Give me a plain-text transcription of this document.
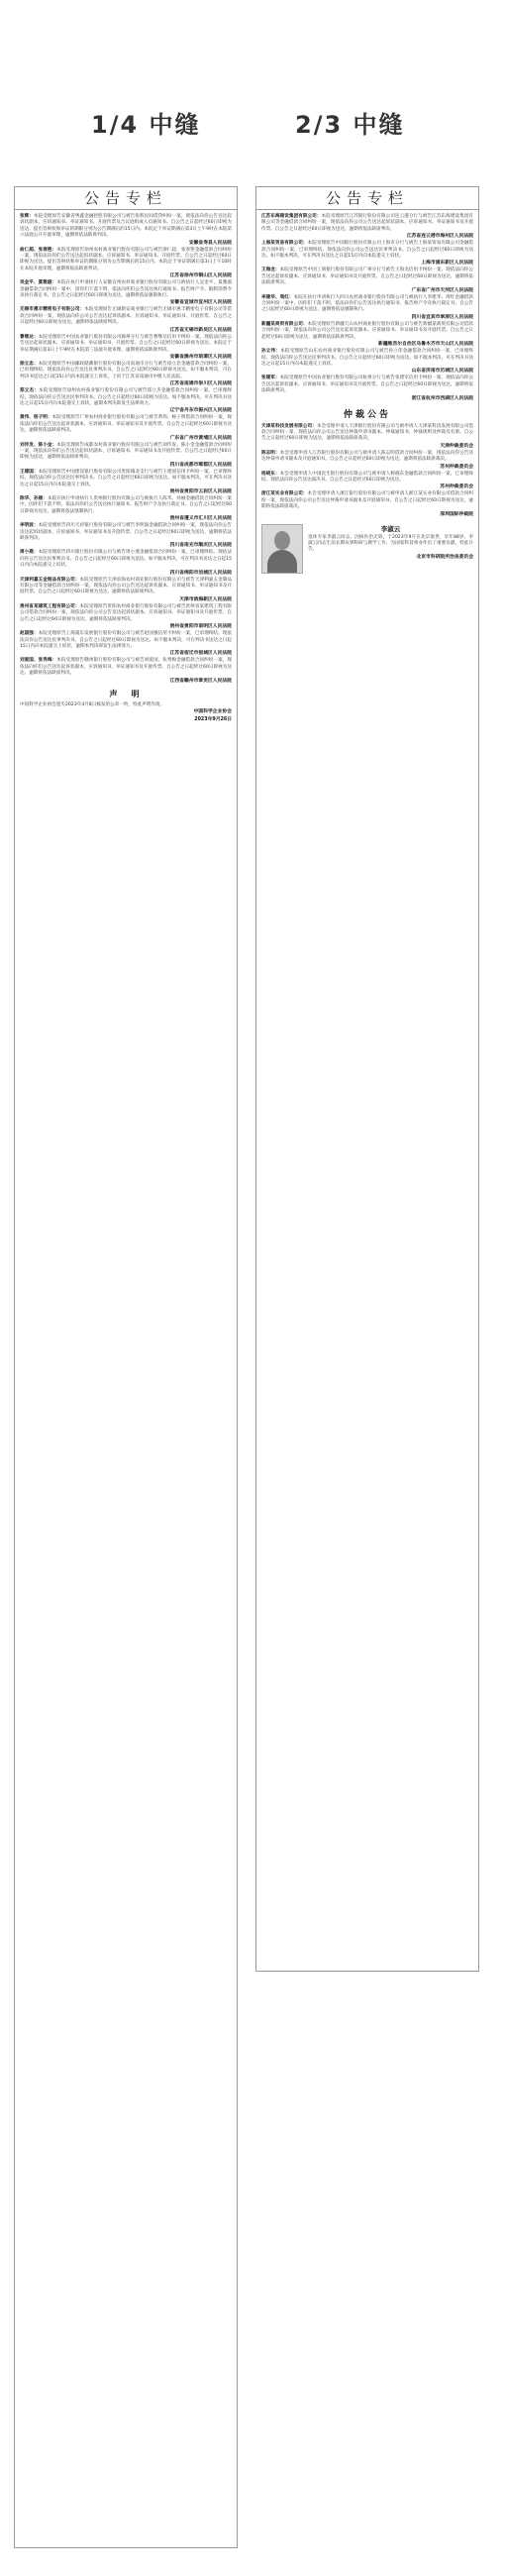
1/4 中缝	2/3 中缝
公告专栏

张辉：本院受理原告安徽省粤鑫金融控股有限公司与被告张辉民间借贷纠纷一案，现依法向你公告送达起诉状副本、应诉通知书、举证通知书、开庭传票及合议庭组成人员通知书。自公告之日起经过60日即视为送达。提出答辩状和举证的期限分别为公告期满后的15日内。本院定于举证期满后第3日上午9时在本院第六法庭公开开庭审理，逾期将依法缺席判决。

安徽省寿县人民法院

俞仁超、张春艳：本院受理原告徐州农村商业银行股份有限公司与被告俞仁超、张春艳金融借款合同纠纷一案，现依法向你们公告送达起诉状副本、应诉通知书、举证通知书、开庭传票。自公告之日起经过60日即视为送达。提出答辩状和举证的期限分别为公告期满后的15日内。本院定于举证期满后第3日上午10时在本院开庭审理，逾期将依法缺席判决。

江苏省徐州市铜山区人民法院

吴金平、夏雅淑：本院在执行申请执行人安徽宣州农村商业银行股份有限公司与被执行人吴金平、夏雅淑金融借款合同纠纷一案中，因你们下落不明，依法向你们公告送达执行通知书、报告财产令、限制消费令及执行裁定书。自公告之日起经过60日即视为送达，逾期将依法强制执行。

安徽省宣城市宣州区人民法院

无锡市惠丰精密电子有限公司：本院受理原告无锡新安商业银行与被告无锡市惠丰精密电子有限公司等借款合同纠纷一案，现依法向你公司公告送达起诉状副本、应诉通知书、举证通知书、开庭传票。自公告之日起经过60日即视为送达，逾期将依法缺席判决。

江苏省无锡市新吴区人民法院

曹继达：本院受理原告中国农业银行股份有限公司滁州分行与被告曹继达信用卡纠纷一案，现依法向你公告送达起诉状副本、应诉通知书、举证通知书、开庭传票。自公告之日起经过60日即视为送达。本院定于举证期满后第3日上午9时在本院第三法庭开庭审理，逾期将依法缺席判决。

安徽省滁州市琅琊区人民法院

徐立忠：本院受理原告中国邮政储蓄银行股份有限公司南通市分行与被告徐立忠金融借款合同纠纷一案，已审理终结。现依法向你公告送达民事判决书。自公告之日起经过60日即视为送达。如不服本判决，可在判决书送达之日起15日内向本院递交上诉状，上诉于江苏省南通市中级人民法院。

江苏省南通市崇川区人民法院

郑立杰：本院受理原告徐州农村商业银行股份有限公司与被告郑立杰金融借款合同纠纷一案，已审理终结。现依法向你公告送达民事判决书。自公告之日起经过60日即视为送达。如不服本判决，可在判决书送达之日起15日内向本院递交上诉状，逾期本判决即发生法律效力。

辽宁省丹东市振兴区人民法院

黄伟、杨子明：本院受理原告广州农村商业银行股份有限公司与被告黄伟、杨子明借款合同纠纷一案，现依法向你们公告送达起诉状副本、应诉通知书、举证通知书及开庭传票。自公告之日起经过60日即视为送达，逾期将依法缺席判决。

广东省广州市黄埔区人民法院

刘传发、陈小金：本院受理原告成都农村商业银行股份有限公司与被告刘传发、陈小金金融借款合同纠纷一案，现依法向你们公告送达起诉状副本、应诉通知书、举证通知书及开庭传票。自公告之日起经过60日即视为送达，逾期将依法缺席判决。

四川省成都市郫都区人民法院

王建国：本院受理原告中国建设银行股份有限公司贵阳城北支行与被告王建国信用卡纠纷一案，已审理终结。现依法向你公告送达民事判决书。自公告之日起经过60日即视为送达。如不服本判决，可在判决书送达之日起15日内向本院递交上诉状。

贵州省贵阳市云岩区人民法院

陈华、孙丽：本院在执行申请执行人贵州银行股份有限公司与被执行人陈华、孙丽金融借款合同纠纷一案中，因你们下落不明，依法向你们公告送达执行通知书、报告财产令及执行裁定书。自公告之日起经过60日即视为送达，逾期将依法强制执行。

贵州省遵义市汇川区人民法院

李明波：本院受理原告四川天府银行股份有限公司与被告李明波金融借款合同纠纷一案，现依法向你公告送达起诉状副本、应诉通知书、举证通知书及开庭传票。自公告之日起经过60日即视为送达，逾期将依法缺席判决。

四川省南充市顺庆区人民法院

周小燕：本院受理原告四川银行股份有限公司与被告周小燕金融借款合同纠纷一案，已审理终结。现依法向你公告送达民事判决书。自公告之日起经过60日即视为送达。如不服本判决，可在判决书送达之日起15日内向本院递交上诉状。

四川省绵阳市涪城区人民法院

天津利嘉五金制品有限公司：本院受理原告天津滨海农村商业银行股份有限公司与被告天津利嘉五金制品有限公司等金融借款合同纠纷一案，现依法向你公司公告送达起诉状副本、应诉通知书、举证通知书及开庭传票。自公告之日起经过60日即视为送达，逾期将依法缺席判决。

天津市滨海新区人民法院

贵州省某建筑工程有限公司：本院受理原告贵阳农村商业银行股份有限公司与被告贵州省某建筑工程有限公司借款合同纠纷一案，现依法向你公司公告送达起诉状副本、应诉通知书、举证通知书及开庭传票。自公告之日起经过60日即视为送达，逾期将依法缺席判决。

贵州省贵阳市南明区人民法院

赵国强：本院受理原告上海浦东发展银行股份有限公司与被告赵国强信用卡纠纷一案，已审理终结。现依法向你公告送达民事判决书。自公告之日起经过60日即视为送达。如不服本判决，可在判决书送达之日起15日内向本院递交上诉状，逾期本判决即发生法律效力。

江苏省宿迁市宿城区人民法院

刘爱国、张秀梅：本院受理原告赣州银行股份有限公司与被告刘爱国、张秀梅金融借款合同纠纷一案，现依法向你们公告送达起诉状副本、应诉通知书、举证通知书及开庭传票。自公告之日起经过60日即视为送达，逾期将依法缺席判决。

江西省赣州市章贡区人民法院

声　明

中国科学企业协会遗失2023年4月8日核发的公章一枚，特此声明作废。

中国科学企业协会

2023年9月26日

公告专栏

江苏东海建设集团有限公司：本院受理原告江苏银行股份有限公司连云港分行与被告江苏东海建设集团有限公司等金融借款合同纠纷一案，现依法向你公司公告送达起诉状副本、应诉通知书、举证通知书及开庭传票。自公告之日起经过60日即视为送达，逾期将依法缺席判决。

江苏省连云港市海州区人民法院

上海某贸易有限公司：本院受理原告中国银行股份有限公司上海市分行与被告上海某贸易有限公司金融借款合同纠纷一案，已审理终结。现依法向你公司公告送达民事判决书。自公告之日起经过60日即视为送达。如不服本判决，可在判决书送达之日起15日内向本院递交上诉状。

上海市浦东新区人民法院

王海龙：本院受理原告中国工商银行股份有限公司广州分行与被告王海龙信用卡纠纷一案，现依法向你公告送达起诉状副本、应诉通知书、举证通知书及开庭传票。自公告之日起经过60日即视为送达，逾期将依法缺席判决。

广东省广州市天河区人民法院

李建华、周红：本院在执行申请执行人四川农村商业银行股份有限公司与被执行人李建华、周红金融借款合同纠纷一案中，因你们下落不明，依法向你们公告送达执行通知书、报告财产令及执行裁定书。自公告之日起经过60日即视为送达，逾期将依法强制执行。

四川省宜宾市翠屏区人民法院

新疆某商贸有限公司：本院受理原告新疆天山农村商业银行股份有限公司与被告新疆某商贸有限公司借款合同纠纷一案，现依法向你公司公告送达起诉状副本、应诉通知书、举证通知书及开庭传票。自公告之日起经过60日即视为送达，逾期将依法缺席判决。

新疆维吾尔自治区乌鲁木齐市天山区人民法院

孙立伟：本院受理原告山东农村商业银行股份有限公司与被告孙立伟金融借款合同纠纷一案，已审理终结。现依法向你公告送达民事判决书。自公告之日起经过60日即视为送达。如不服本判决，可在判决书送达之日起15日内向本院递交上诉状。

山东省济南市历城区人民法院

张建军：本院受理原告中国农业银行股份有限公司杭州分行与被告张建军信用卡纠纷一案，现依法向你公告送达起诉状副本、应诉通知书、举证通知书及开庭传票。自公告之日起经过60日即视为送达，逾期将依法缺席判决。

浙江省杭州市西湖区人民法院

仲裁公告

天津某科技发展有限公司：本会受理申请人天津银行股份有限公司与被申请人天津某科技发展有限公司借款合同纠纷一案，现依法向你公司公告送达仲裁申请书副本、仲裁通知书、仲裁规则及仲裁员名册。自公告之日起经过60日即视为送达，逾期将依法缺席裁决。

天津仲裁委员会

陈志明：本会受理申请人江苏银行股份有限公司与被申请人陈志明借款合同纠纷一案，现依法向你公告送达仲裁申请书副本及开庭通知书。自公告之日起经过60日即视为送达，逾期将依法缺席裁决。

苏州仲裁委员会

杨晓东：本会受理申请人中国民生银行股份有限公司与被申请人杨晓东金融借款合同纠纷一案，已审理终结。现依法向你公告送达裁决书。自公告之日起经过60日即视为送达。

苏州仲裁委员会

浙江某实业有限公司：本会受理申请人浙江银行股份有限公司与被申请人浙江某实业有限公司借款合同纠纷一案，现依法向你公司公告送达仲裁申请书副本及开庭通知书。自公告之日起经过60日即视为送达，逾期将依法缺席裁决。

深圳国际仲裁院

李淑云

退休专家李淑云同志，因病医治无效，于2023年9月在北京逝世，享年88岁。李淑云同志生前长期从事科研与教学工作，为国家科技事业作出了重要贡献。特此讣告。

北京市科研院所治丧委员会
